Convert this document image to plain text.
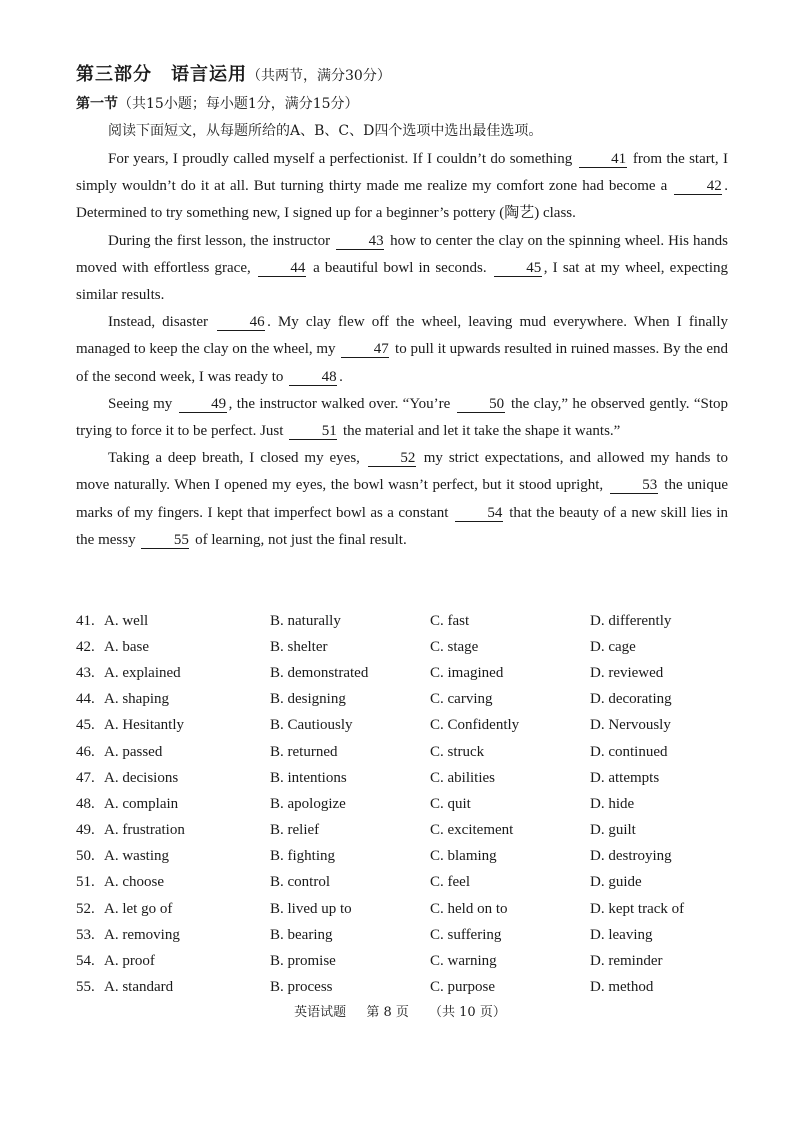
第三部分　语言运用（共两节，满分30分）
第一节（共15小题；每小题1分，满分15分）
阅读下面短文，从每题所给的A、B、C、D四个选项中选出最佳选项。

For years, I proudly called myself a perfectionist. If I couldn’t do something 41 from the start, I simply wouldn’t do it at all. But turning thirty made me realize my comfort zone had become a 42 . Determined to try something new, I signed up for a beginner’s pottery (陶艺) class.

During the first lesson, the instructor 43 how to center the clay on the spinning wheel. His hands moved with effortless grace, 44 a beautiful bowl in seconds. 45 , I sat at my wheel, expecting similar results.

Instead, disaster 46 . My clay flew off the wheel, leaving mud everywhere. When I finally managed to keep the clay on the wheel, my 47 to pull it upwards resulted in ruined masses. By the end of the second week, I was ready to 48 .

Seeing my 49 , the instructor walked over. “You’re 50 the clay,” he observed gently. “Stop trying to force it to be perfect. Just 51 the material and let it take the shape it wants.”

Taking a deep breath, I closed my eyes, 52 my strict expectations, and allowed my hands to move naturally. When I opened my eyes, the bowl wasn’t perfect, but it stood upright, 53 the unique marks of my fingers. I kept that imperfect bowl as a constant 54 that the beauty of a new skill lies in the messy 55 of learning, not just the final result.

41. A. well	B. naturally	C. fast	D. differently
42. A. base	B. shelter	C. stage	D. cage
43. A. explained	B. demonstrated	C. imagined	D. reviewed
44. A. shaping	B. designing	C. carving	D. decorating
45. A. Hesitantly	B. Cautiously	C. Confidently	D. Nervously
46. A. passed	B. returned	C. struck	D. continued
47. A. decisions	B. intentions	C. abilities	D. attempts
48. A. complain	B. apologize	C. quit	D. hide
49. A. frustration	B. relief	C. excitement	D. guilt
50. A. wasting	B. fighting	C. blaming	D. destroying
51. A. choose	B. control	C. feel	D. guide
52. A. let go of	B. lived up to	C. held on to	D. kept track of
53. A. removing	B. bearing	C. suffering	D. leaving
54. A. proof	B. promise	C. warning	D. reminder
55. A. standard	B. process	C. purpose	D. method
英语试题 第 8 页 （共 10 页）
